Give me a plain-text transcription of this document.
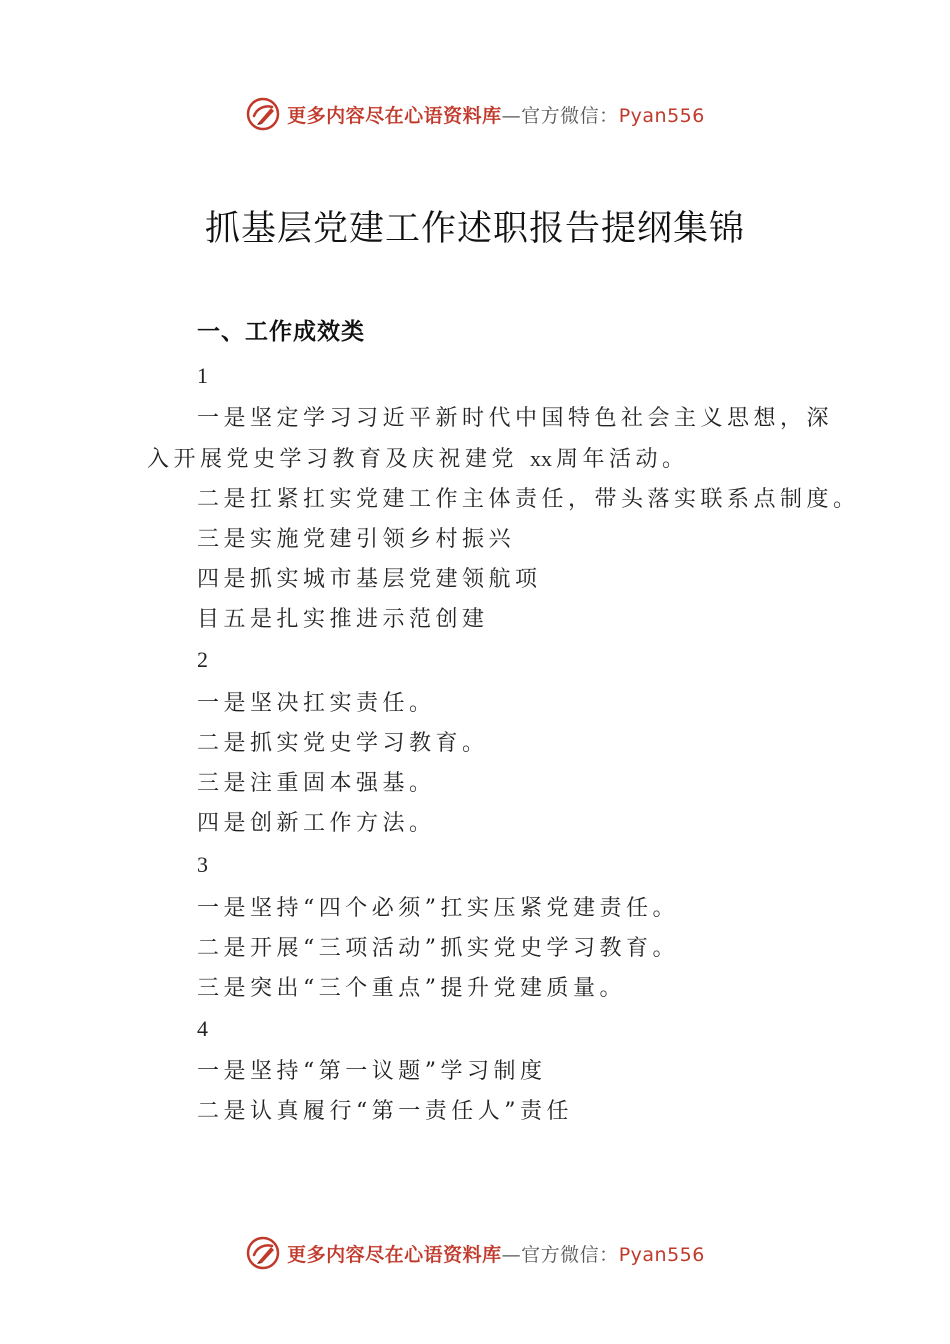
更多内容尽在心语资料库—官方微信：Pyan556
抓基层党建工作述职报告提纲集锦
一、工作成效类
1
一是坚定学习习近平新时代中国特色社会主义思想，深
入开展党史学习教育及庆祝建党 xx 周年活动。
二是扛紧扛实党建工作主体责任，带头落实联系点制度。
三是实施党建引领乡村振兴
四是抓实城市基层党建领航项
目五是扎实推进示范创建
2
一是坚决扛实责任。
二是抓实党史学习教育。
三是注重固本强基。
四是创新工作方法。
3
一是坚持“四个必须”扛实压紧党建责任。
二是开展“三项活动”抓实党史学习教育。
三是突出“三个重点”提升党建质量。
4
一是坚持“第一议题”学习制度
二是认真履行“第一责任人”责任
更多内容尽在心语资料库—官方微信：Pyan556
